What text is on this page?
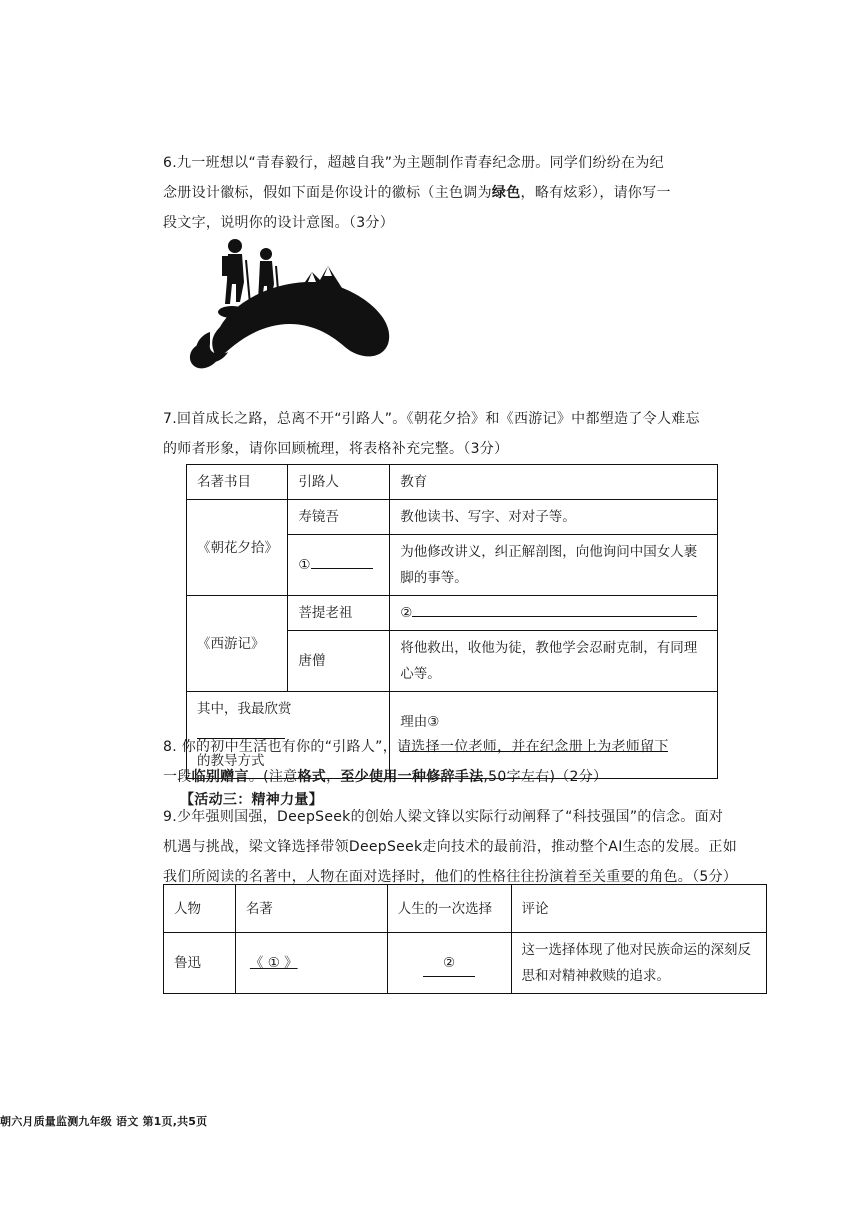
6.九一班想以“青春毅行，超越自我”为主题制作青春纪念册。同学们纷纷在为纪
念册设计徽标，假如下面是你设计的徽标（主色调为绿色，略有炫彩），请你写一
段文字，说明你的设计意图。（3分）
7.回首成长之路，总离不开“引路人”。《朝花夕拾》和《西游记》中都塑造了令人难忘
的师者形象，请你回顾梳理，将表格补充完整。（3分）
名著书目	引路人	教育
《朝花夕拾》	寿镜吾	教他读书、写字、对对子等。
	①	为他修改讲义，纠正解剖图，向他询问中国女人裹脚的事等。
《西游记》	菩提老祖	②
	唐僧	将他救出，收他为徒，教他学会忍耐克制，有同理心等。

其中，我最欣赏
的教导方式		理由③
8. 你的初中生活也有你的“引路人”，请选择一位老师，并在纪念册上为老师留下
一段临别赠言。(注意格式，至少使用一种修辞手法,50字左右)（2分）
【活动三：精神力量】
9.少年强则国强，DeepSeek的创始人梁文锋以实际行动阐释了“科技强国”的信念。面对
机遇与挑战，梁文锋选择带领DeepSeek走向技术的最前沿，推动整个AI生态的发展。正如
我们所阅读的名著中，人物在面对选择时，他们的性格往往扮演着至关重要的角色。（5分）
人物	名著	人生的一次选择	评论
鲁迅	《 ① 》	②	这一选择体现了他对民族命运的深刻反思和对精神救赎的追求。
朝六月质量监测九年级 语文 第1页,共5页
